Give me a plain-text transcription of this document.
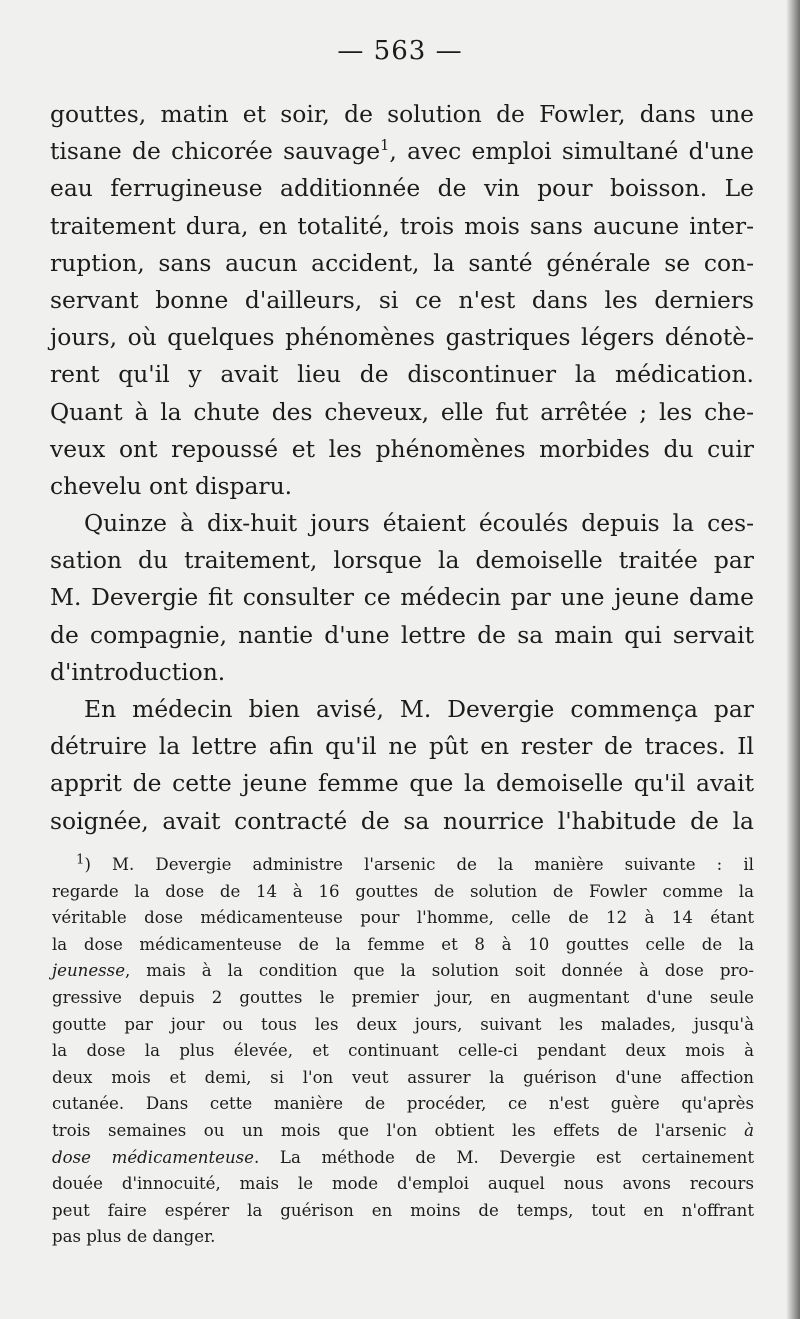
— 563 —
gouttes, matin et soir, de solution de Fowler, dans une
tisane de chicorée sauvage$^1$, avec emploi simultané d'une
eau ferrugineuse additionnée de vin pour boisson. Le
traitement dura, en totalité, trois mois sans aucune inter-
ruption, sans aucun accident, la santé générale se con-
servant bonne d'ailleurs, si ce n'est dans les derniers
jours, où quelques phénomènes gastriques légers dénotè-
rent qu'il y avait lieu de discontinuer la médication.
Quant à la chute des cheveux, elle fut arrêtée ; les che-
veux ont repoussé et les phénomènes morbides du cuir
chevelu ont disparu.
Quinze à dix-huit jours étaient écoulés depuis la ces-
sation du traitement, lorsque la demoiselle traitée par
M. Devergie fit consulter ce médecin par une jeune dame
de compagnie, nantie d'une lettre de sa main qui servait
d'introduction.
En médecin bien avisé, M. Devergie commença par
détruire la lettre afin qu'il ne pût en rester de traces. Il
apprit de cette jeune femme que la demoiselle qu'il avait
soignée, avait contracté de sa nourrice l'habitude de la
$^1$) M. Devergie administre l'arsenic de la manière suivante : il
regarde la dose de 14 à 16 gouttes de solution de Fowler comme la
véritable dose médicamenteuse pour l'homme, celle de 12 à 14 étant
la dose médicamenteuse de la femme et 8 à 10 gouttes celle de la
jeunesse, mais à la condition que la solution soit donnée à dose pro-
gressive depuis 2 gouttes le premier jour, en augmentant d'une seule
goutte par jour ou tous les deux jours, suivant les malades, jusqu'à
la dose la plus élevée, et continuant celle-ci pendant deux mois à
deux mois et demi, si l'on veut assurer la guérison d'une affection
cutanée. Dans cette manière de procéder, ce n'est guère qu'après
trois semaines ou un mois que l'on obtient les effets de l'arsenic à
dose médicamenteuse. La méthode de M. Devergie est certainement
douée d'innocuité, mais le mode d'emploi auquel nous avons recours
peut faire espérer la guérison en moins de temps, tout en n'offrant
pas plus de danger.
